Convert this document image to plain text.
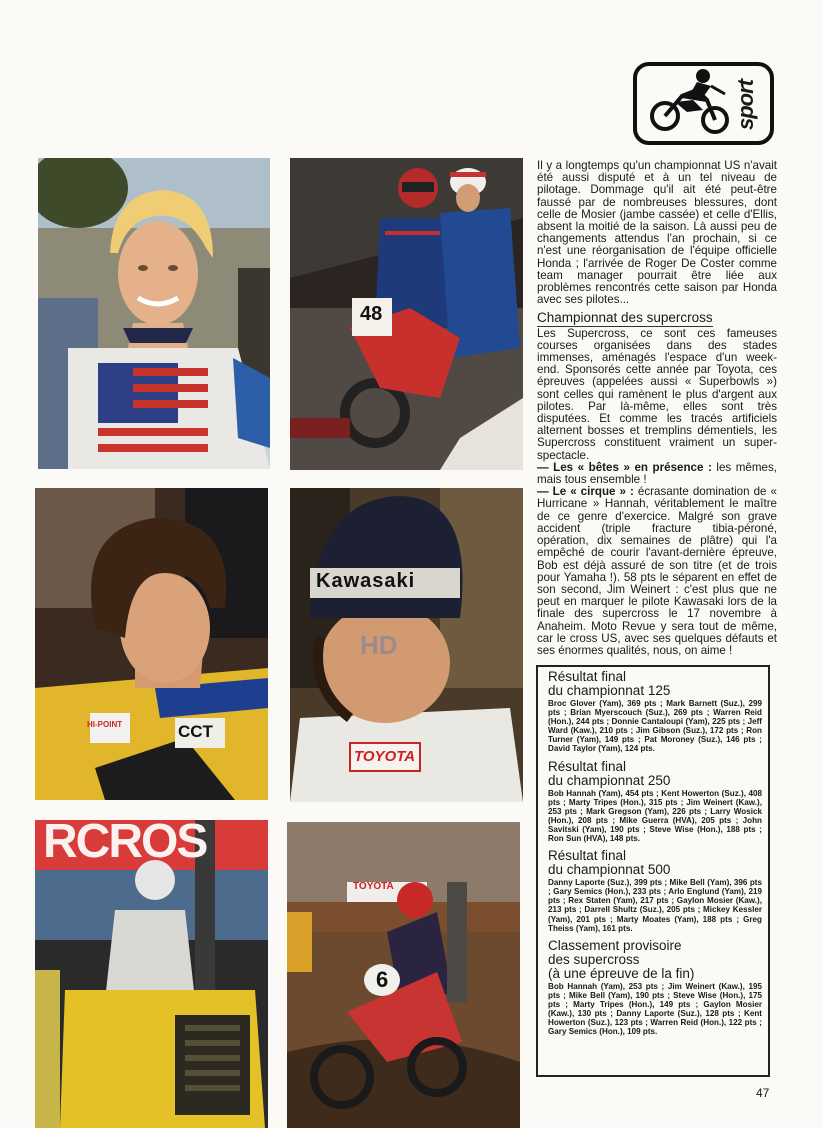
sport
48
HI-POINT	CCT
Kawasaki
TOYOTA
HD
RCROS
TOYOTA
6

Il y a longtemps qu'un championnat US n'avait été aussi disputé et à un tel niveau de pilotage. Dommage qu'il ait été peut-être faussé par de nombreuses blessures, dont celle de Mosier (jambe cassée) et celle d'Ellis, absent la moitié de la saison. Là aussi peu de changements attendus l'an prochain, si ce n'est une réorganisation de l'équipe officielle Honda ; l'arrivée de Roger De Coster comme team manager pourrait être liée aux problèmes rencontrés cette saison par Honda avec ses pilotes...

Championnat des supercross

Les Supercross, ce sont ces fameuses courses organisées dans des stades immenses, aménagés l'espace d'un week-end. Sponsorés cette année par Toyota, ces épreuves (appelées aussi « Superbowls ») sont celles qui ramènent le plus d'argent aux pilotes. Par là-même, elles sont très disputées. Et comme les tracés artificiels alternent bosses et tremplins démentiels, les Supercross constituent vraiment un super-spectacle.

— Les « bêtes » en présence : les mêmes, mais tous ensemble !

— Le « cirque » : écrasante domination de « Hurricane » Hannah, véritablement le maître de ce genre d'exercice. Malgré son grave accident (triple fracture tibia-péroné, opération, dix semaines de plâtre) qui l'a empêché de courir l'avant-dernière épreuve, Bob est déjà assuré de son titre (et de trois pour Yamaha !). 58 pts le séparent en effet de son second, Jim Weinert : c'est plus que ne peut en marquer le pilote Kawasaki lors de la finale des supercross le 17 novembre à Anaheim. Moto Revue y sera tout de même, car le cross US, avec ses quelques défauts et ses énormes qualités, nous, on aime !

Résultat final
du championnat 125
Broc Glover (Yam), 369 pts ; Mark Barnett (Suz.), 299 pts ; Brian Myerscouch (Suz.), 269 pts ; Warren Reid (Hon.), 244 pts ; Donnie Cantaloupi (Yam), 225 pts ; Jeff Ward (Kaw.), 210 pts ; Jim Gibson (Suz.), 172 pts ; Ron Turner (Yam), 149 pts ; Pat Moroney (Suz.), 146 pts ; David Taylor (Yam), 124 pts.
Résultat final
du championnat 250
Bob Hannah (Yam), 454 pts ; Kent Howerton (Suz.), 408 pts ; Marty Tripes (Hon.), 315 pts ; Jim Weinert (Kaw.), 253 pts ; Mark Gregson (Yam), 226 pts ; Larry Wosick (Hon.), 208 pts ; Mike Guerra (HVA), 205 pts ; John Savitski (Yam), 190 pts ; Steve Wise (Hon.), 188 pts ; Ron Sun (HVA), 148 pts.
Résultat final
du championnat 500
Danny Laporte (Suz.), 399 pts ; Mike Bell (Yam), 396 pts ; Gary Semics (Hon.), 233 pts ; Arlo Englund (Yam), 219 pts ; Rex Staten (Yam), 217 pts ; Gaylon Mosier (Kaw.), 213 pts ; Darrell Shultz (Suz.), 205 pts ; Mickey Kessler (Yam), 201 pts ; Marty Moates (Yam), 188 pts ; Greg Theiss (Yam), 161 pts.
Classement provisoire
des supercross
(à une épreuve de la fin)
Bob Hannah (Yam), 253 pts ; Jim Weinert (Kaw.), 195 pts ; Mike Bell (Yam), 190 pts ; Steve Wise (Hon.), 175 pts ; Marty Tripes (Hon.), 149 pts ; Gaylon Mosier (Kaw.), 130 pts ; Danny Laporte (Suz.), 128 pts ; Kent Howerton (Suz.), 123 pts ; Warren Reid (Hon.), 122 pts ; Gary Semics (Hon.), 109 pts.
47
